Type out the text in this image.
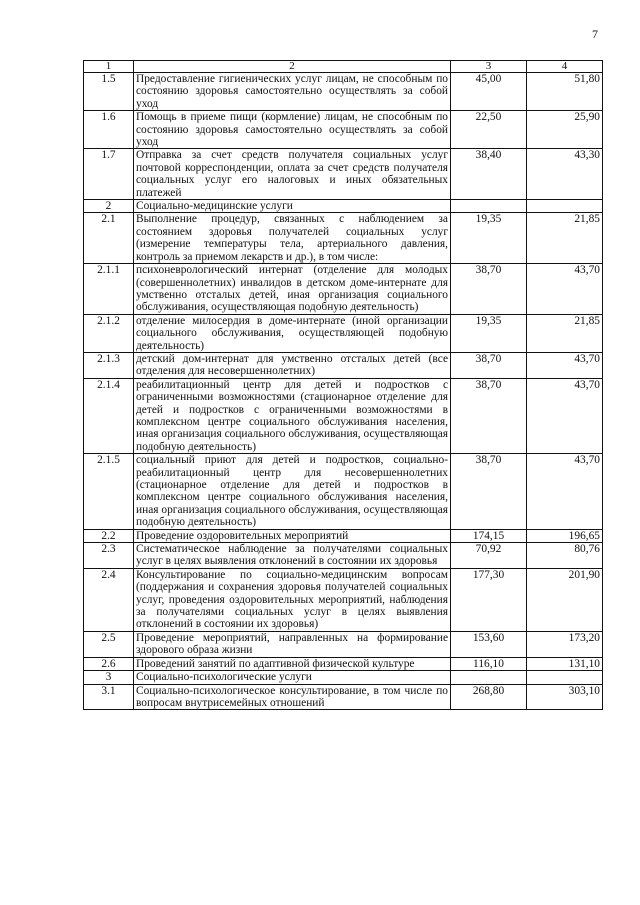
7
1	2	3	4
1.5	Предоставление гигиенических услуг лицам, не способным по состоянию здоровья самостоятельно осуществлять за собой уход	45,00	51,80
1.6	Помощь в приеме пищи (кормление) лицам, не способным по состоянию здоровья самостоятельно осуществлять за собой уход	22,50	25,90
1.7	Отправка за счет средств получателя социальных услуг почтовой корреспонденции, оплата за счет средств получателя социальных услуг его налоговых и иных обязательных платежей	38,40	43,30
2	Социально-медицинские услуги		
2.1	Выполнение процедур, связанных с наблюдением за состоянием здоровья получателей социальных услуг (измерение температуры тела, артериального давления, контроль за приемом лекарств и др.), в том числе:	19,35	21,85
2.1.1	психоневрологический интернат (отделение для молодых (совершеннолетних) инвалидов в детском доме-интернате для умственно отсталых детей, иная организация социального обслуживания, осуществляющая подобную деятельность)	38,70	43,70
2.1.2	отделение милосердия в доме-интернате (иной организации социального обслуживания, осуществляющей подобную деятельность)	19,35	21,85
2.1.3	детский дом-интернат для умственно отсталых детей (все отделения для несовершеннолетних)	38,70	43,70
2.1.4	реабилитационный центр для детей и подростков с ограниченными возможностями (стационарное отделение для детей и подростков с ограниченными возможностями в комплексном центре социального обслуживания населения, иная организация социального обслуживания, осуществляющая подобную деятельность)	38,70	43,70
2.1.5	социальный приют для детей и подростков, социально-реабилитационный центр для несовершеннолетних (стационарное отделение для детей и подростков в комплексном центре социального обслуживания населения, иная организация социального обслуживания, осуществляющая подобную деятельность)	38,70	43,70
2.2	Проведение оздоровительных мероприятий	174,15	196,65
2.3	Систематическое наблюдение за получателями социальных услуг в целях выявления отклонений в состоянии их здоровья	70,92	80,76
2.4	Консультирование по социально-медицинским вопросам (поддержания и сохранения здоровья получателей социальных услуг, проведения оздоровительных мероприятий, наблюдения за получателями социальных услуг в целях выявления отклонений в состоянии их здоровья)	177,30	201,90
2.5	Проведение мероприятий, направленных на формирование здорового образа жизни	153,60	173,20
2.6	Проведений занятий по адаптивной физической культуре	116,10	131,10
3	Социально-психологические услуги		
3.1	Социально-психологическое консультирование, в том числе по вопросам внутрисемейных отношений	268,80	303,10
